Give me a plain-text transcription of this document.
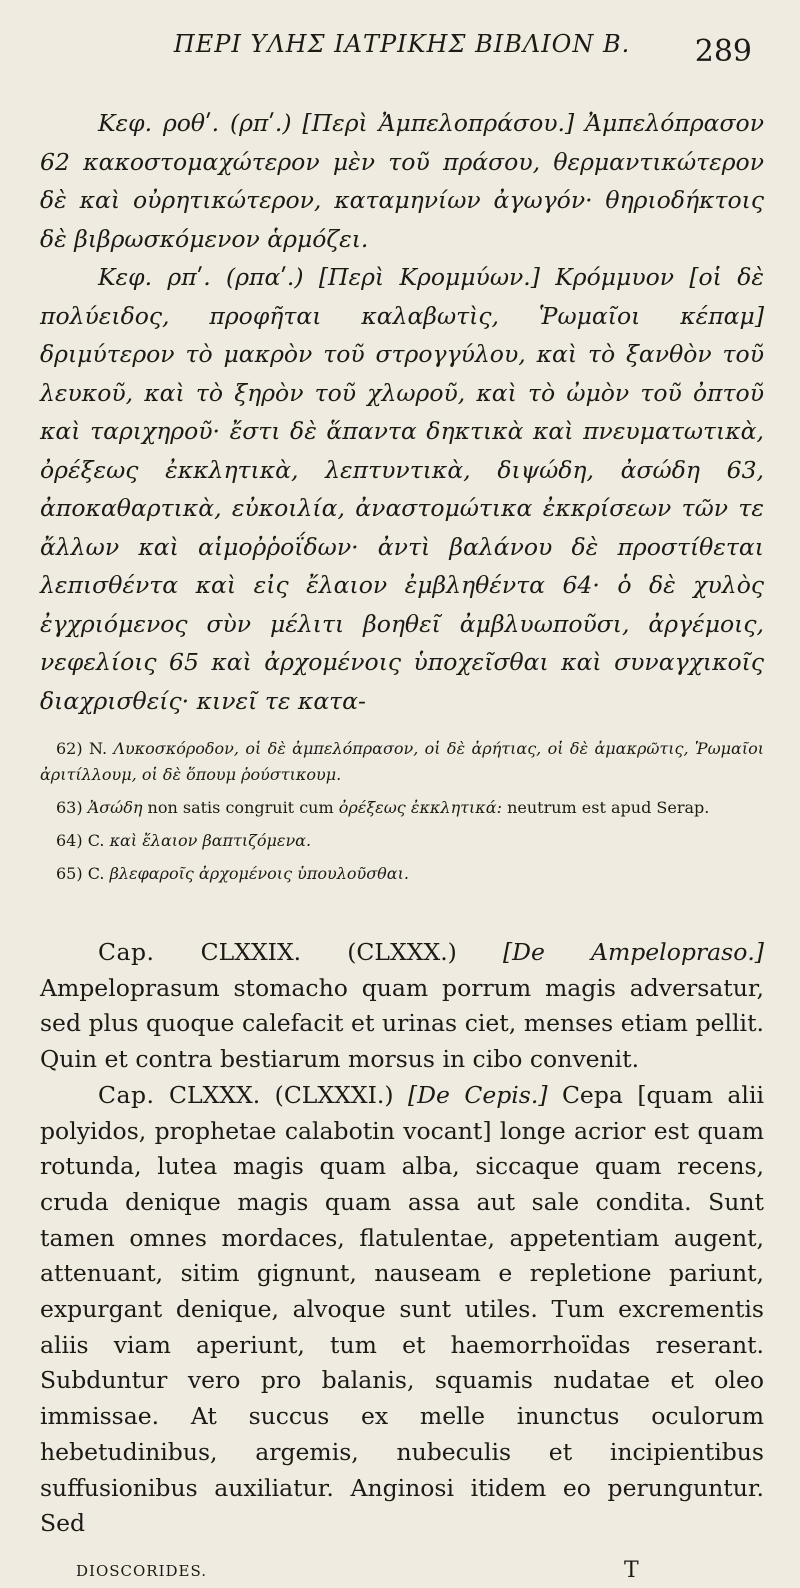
ΠΕΡΙ ΥΛΗΣ ΙΑΤΡΙΚΗΣ ΒΙΒΛΙΟΝ Β. 289

Κεφ. ροθʹ. (ρπʹ.) [Περὶ Ἀμπελοπράσου.] Ἀμπελόπρασον 62 κακοστομαχώτερον μὲν τοῦ πράσου, θερμαντικώτερον δὲ καὶ οὐρητικώτερον, καταμηνίων ἀγωγόν· θηριοδήκτοις δὲ βιβρωσκόμενον ἁρμόζει.

Κεφ. ρπʹ. (ρπαʹ.) [Περὶ Κρομμύων.] Κρόμμυον [οἱ δὲ πολύειδος, προφῆται καλαβωτὶς, Ῥωμαῖοι κέπαμ] δριμύτερον τὸ μακρὸν τοῦ στρογγύλου, καὶ τὸ ξανθὸν τοῦ λευκοῦ, καὶ τὸ ξηρὸν τοῦ χλωροῦ, καὶ τὸ ὠμὸν τοῦ ὀπτοῦ καὶ ταριχηροῦ· ἔστι δὲ ἅπαντα δηκτικὰ καὶ πνευματωτικὰ, ὀρέξεως ἐκκλητικὰ, λεπτυντικὰ, διψώδη, ἀσώδη 63, ἀποκαθαρτικὰ, εὐκοιλία, ἀναστομώτικα ἐκκρίσεων τῶν τε ἄλλων καὶ αἱμοῤῥοΐδων· ἀντὶ βαλάνου δὲ προστίθεται λεπισθέντα καὶ εἰς ἔλαιον ἐμβληθέντα 64· ὁ δὲ χυλὸς ἐγχριόμενος σὺν μέλιτι βοηθεῖ ἀμβλυωποῦσι, ἀργέμοις, νεφελίοις 65 καὶ ἀρχομένοις ὑποχεῖσθαι καὶ συναγχικοῖς διαχρισθείς· κινεῖ τε κατα-

62) N. Λυκοσκόροδον, οἱ δὲ ἀμπελόπρασον, οἱ δὲ ἀρήτιας, οἱ δὲ ἀμακρῶτις, Ῥωμαῖοι ἀριτίλλουμ, οἱ δὲ ὅπουμ ῥούστικουμ.

63) Ἀσώδη non satis congruit cum ὀρέξεως ἐκκλητικά: neutrum est apud Serap.

64) C. καὶ ἔλαιον βαπτιζόμενα.

65) C. βλεφαροῖς ἀρχομένοις ὑπουλοῦσθαι.

Cap. CLXXIX. (CLXXX.) [De Ampeloprasо.] Ampeloprasum stomacho quam porrum magis adversatur, sed plus quoque calefacit et urinas ciet, menses etiam pellit. Quin et contra bestiarum morsus in cibo convenit.

Cap. CLXXX. (CLXXXI.) [De Cepis.] Cepa [quam alii polyidos, prophetae calabotin vocant] longe acrior est quam rotunda, lutea magis quam alba, siccaque quam recens, cruda denique magis quam assa aut sale condita. Sunt tamen omnes mordaces, flatulentae, appetentiam augent, attenuant, sitim gignunt, nauseam e repletione pariunt, expurgant denique, alvoque sunt utiles. Tum excrementis aliis viam aperiunt, tum et haemorrhoïdas reserant. Subduntur vero pro balanis, squamis nudatae et oleo immissae. At succus ex melle inunctus oculorum hebetudinibus, argemis, nubeculis et incipientibus suffusionibus auxiliatur. Anginosi itidem eo perunguntur. Sed

DIOSCORIDES.	T
